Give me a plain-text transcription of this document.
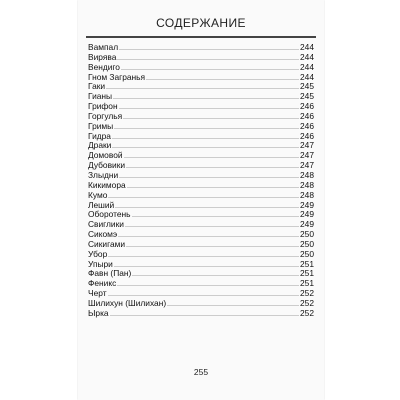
СОДЕРЖАНИЕ
Вампал	244
Вирява	244
Вендиго	244
Гном Загранья	244
Гаки	245
Гианы	245
Грифон	246
Горгулья	246
Гримы	246
Гидра	246
Драки	247
Домовой	247
Дубовики	247
Злыдни	248
Кикимора	248
Кумо	248
Леший	249
Оборотень	249
Свиглики	249
Сикомэ	250
Сикигами	250
Убор	250
Упыри	251
Фавн (Пан)	251
Феникс	251
Черт	252
Шилихун (Шилихан)	252
Ырка	252
255
